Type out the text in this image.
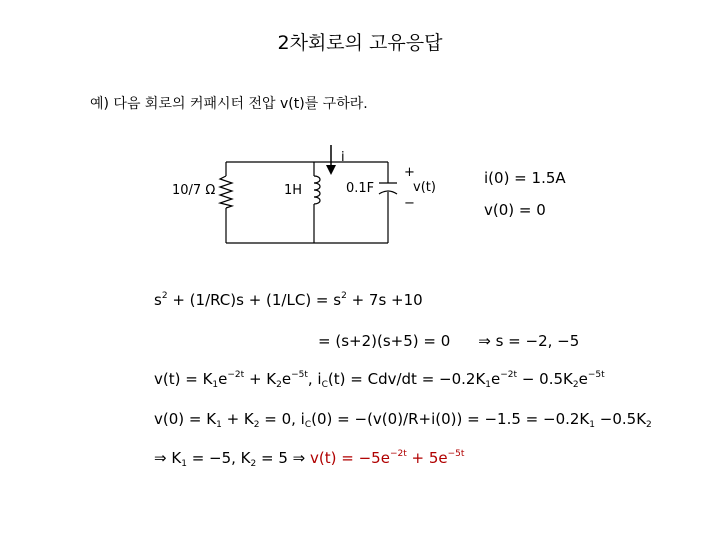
2차회로의 고유응답
예) 다음 회로의 커패시터 전압 v(t)를 구하라.
10/7 Ω	1H	0.1F
i
+
v(t)
−
i(0) = 1.5A
v(0) = 0
$s^2 + (1/RC)s + (1/LC) = s^2 + 7s +10$
= (s+2)(s+5) = 0 ⇒ s = −2, −5
$v(t) = K_1e^{-2t} + K_2e^{-5t}$, $i_C(t) = Cdv/dt = -0.2K_1e^{-2t} - 0.5K_2e^{-5t}$
$v(0) = K_1 + K_2 = 0$, $i_C(0) = -(v(0)/R+i(0)) = -1.5 = -0.2K_1 -0.5K_2$
⇒ $K_1 = -5$, $K_2 = 5$ ⇒ $v(t) = -5e^{-2t} + 5e^{-5t}$
